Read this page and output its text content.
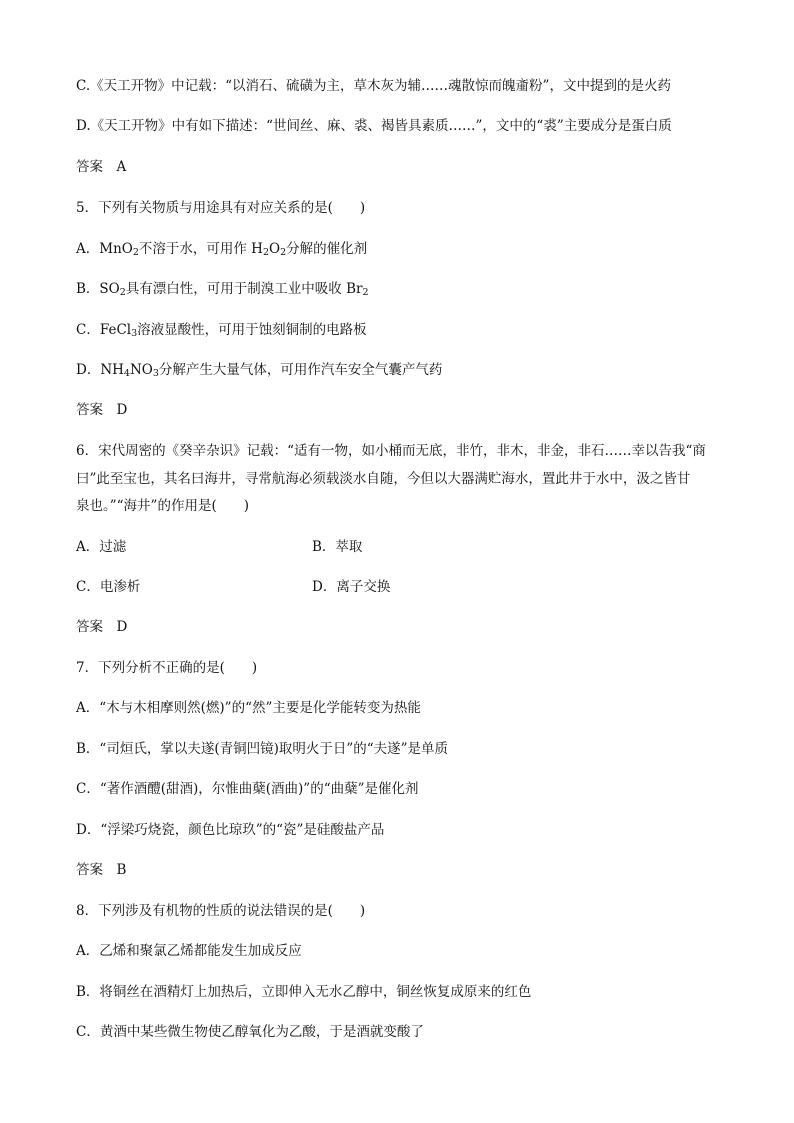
C.《天工开物》中记载：“以消石、硫磺为主，草木灰为辅……魂散惊而魄齑粉”，文中提到的是火药
D.《天工开物》中有如下描述：“世间丝、麻、裘、褐皆具素质……”，文中的“裘”主要成分是蛋白质
答案　A
5．下列有关物质与用途具有对应关系的是(　　)
A．MnO$_2$不溶于水，可用作 $H_2O_2$分解的催化剂
B．$SO_2$具有漂白性，可用于制溴工业中吸收 $Br_2$
C．FeCl$_3$溶液显酸性，可用于蚀刻铜制的电路板
D．$NH_4NO_3$分解产生大量气体，可用作汽车安全气囊产气药
答案　D
6．宋代周密的《癸辛杂识》记载：“适有一物，如小桶而无底，非竹，非木，非金，非石……幸以告我“商
曰”此至宝也，其名曰海井，寻常航海必须载淡水自随，今但以大器满贮海水，置此井于水中，汲之皆甘
泉也。”“海井”的作用是(　　)
A．过滤	B．萃取
C．电渗析	D．离子交换
答案　D
7．下列分析不正确的是(　　)
A．“木与木相摩则然(燃)”的“然”主要是化学能转变为热能
B．“司烜氏，掌以夫遂(青铜凹镜)取明火于日”的“夫遂”是单质
C．“著作酒醴(甜酒)，尔惟曲蘖(酒曲)”的“曲蘖”是催化剂
D．“浮梁巧烧瓷，颜色比琼玖”的“瓷”是硅酸盐产品
答案　B
8．下列涉及有机物的性质的说法错误的是(　　)
A．乙烯和聚氯乙烯都能发生加成反应
B．将铜丝在酒精灯上加热后，立即伸入无水乙醇中，铜丝恢复成原来的红色
C．黄酒中某些微生物使乙醇氧化为乙酸，于是酒就变酸了
